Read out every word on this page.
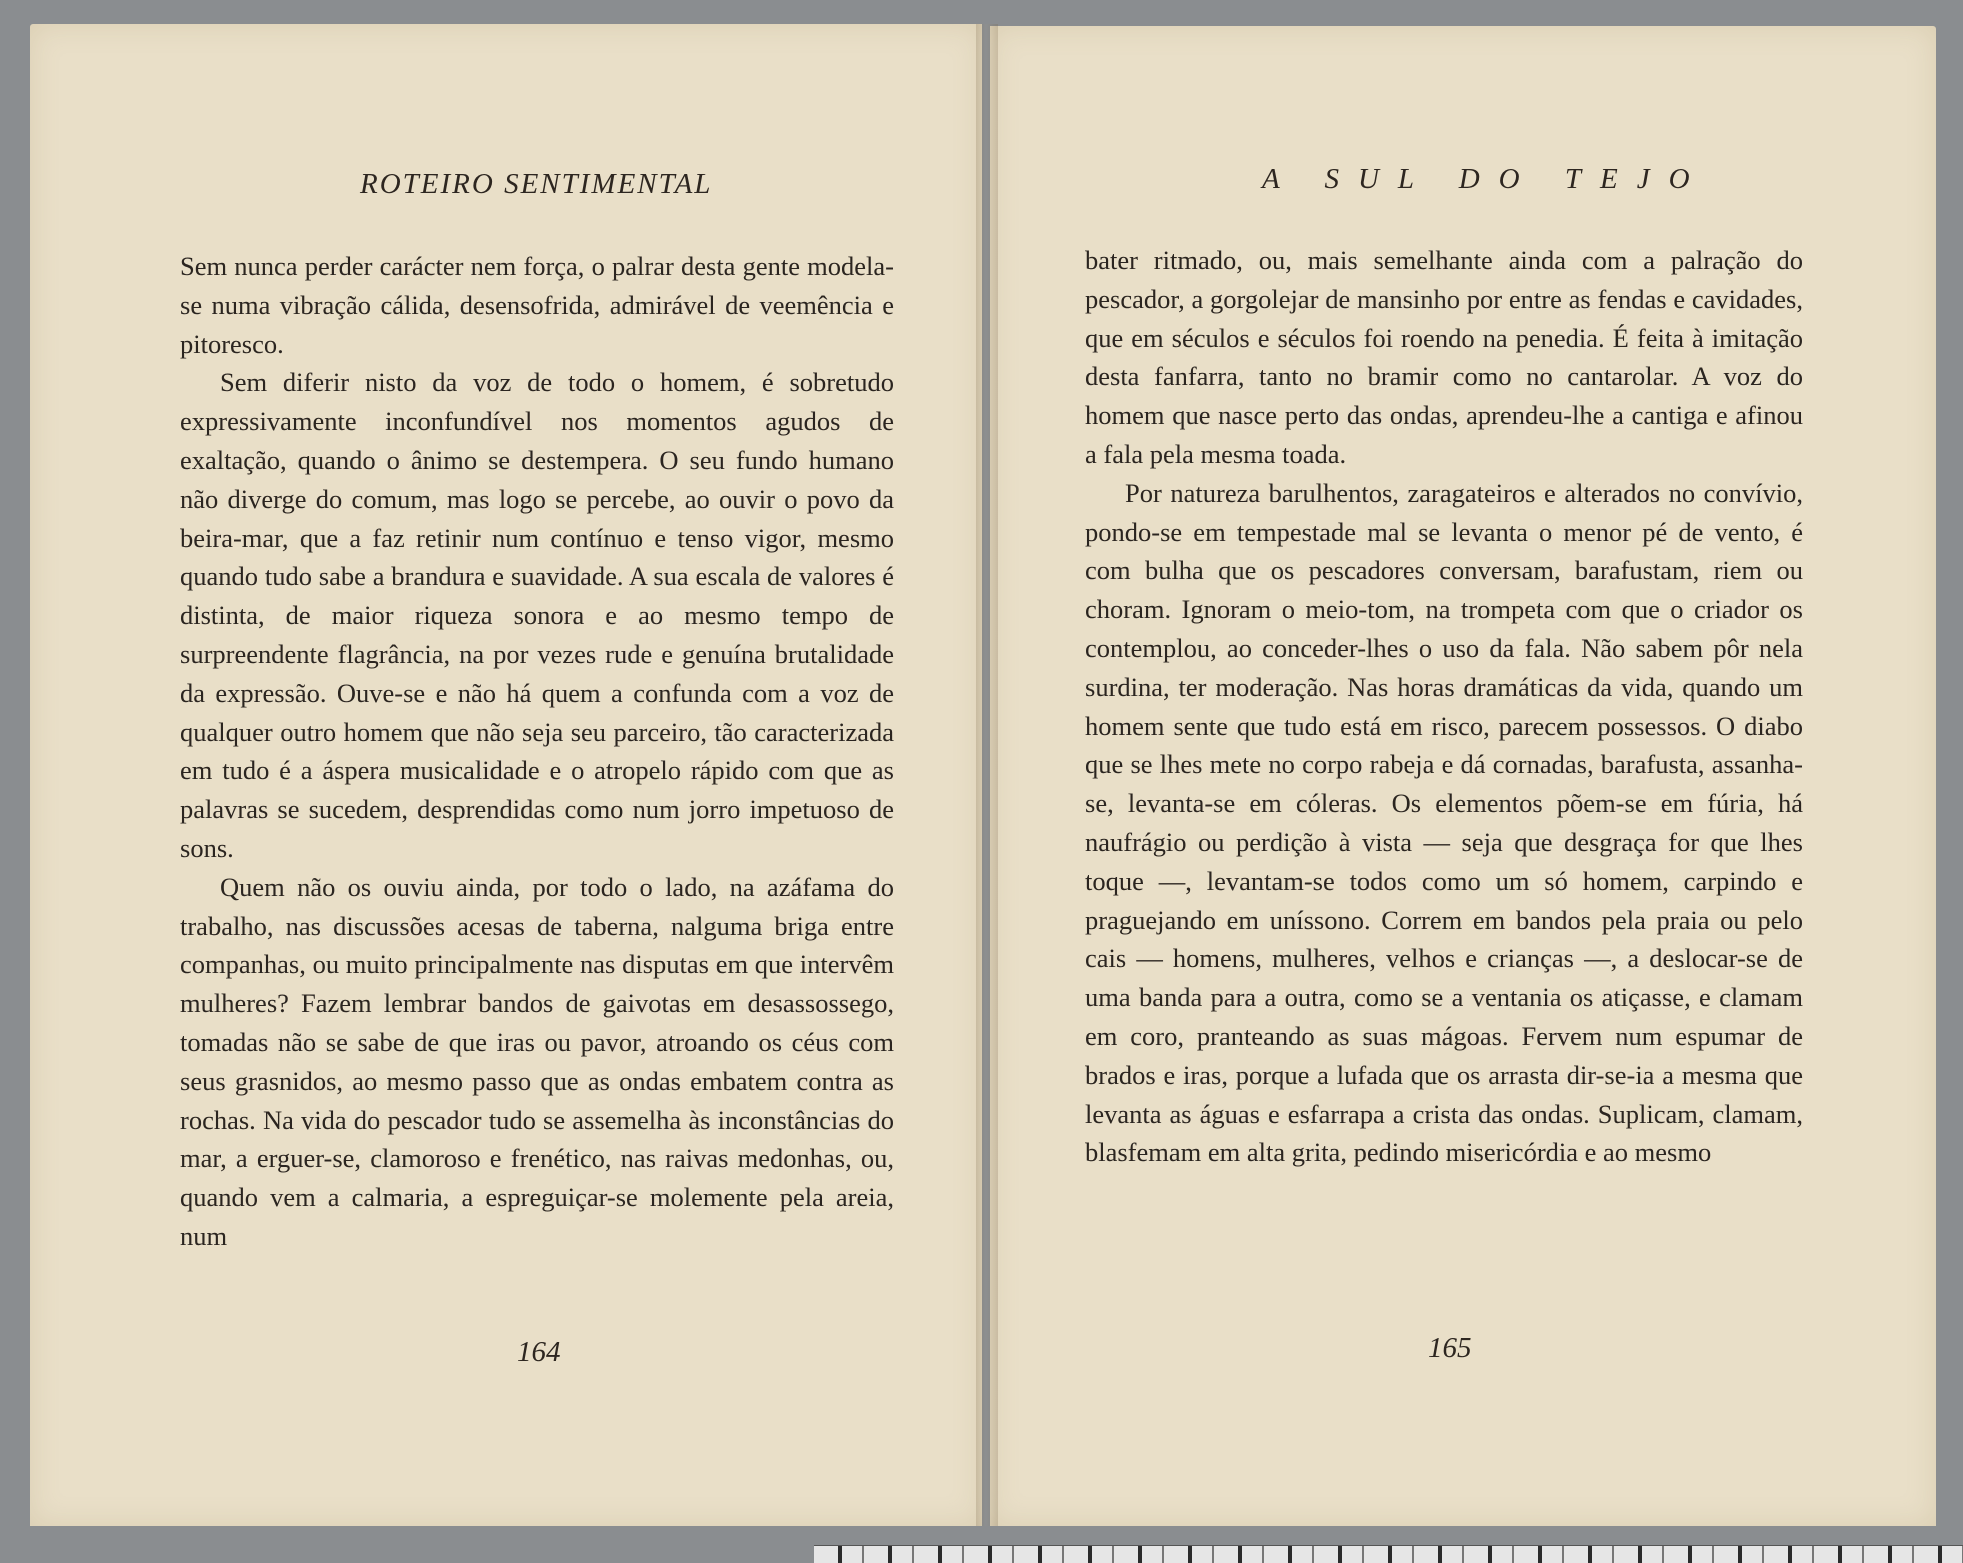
ROTEIRO SENTIMENTAL	A SUL DO TEJO

Sem nunca perder carácter nem força, o palrar desta gente modela-se numa vibração cálida, desensofrida, admirável de veemência e pitoresco.

Sem diferir nisto da voz de todo o homem, é sobretudo expressivamente inconfundível nos momentos agudos de exaltação, quando o ânimo se destempera. O seu fundo humano não diverge do comum, mas logo se percebe, ao ouvir o povo da beira-mar, que a faz retinir num contínuo e tenso vigor, mesmo quando tudo sabe a brandura e suavidade. A sua escala de valores é distinta, de maior riqueza sonora e ao mesmo tempo de surpreendente flagrância, na por vezes rude e genuína brutalidade da expressão. Ouve-se e não há quem a confunda com a voz de qualquer outro homem que não seja seu parceiro, tão caracterizada em tudo é a áspera musicalidade e o atropelo rápido com que as palavras se sucedem, desprendidas como num jorro impetuoso de sons.

Quem não os ouviu ainda, por todo o lado, na azáfama do trabalho, nas discussões acesas de taberna, nalguma briga entre companhas, ou muito principalmente nas disputas em que intervêm mulheres? Fazem lembrar bandos de gaivotas em desassossego, tomadas não se sabe de que iras ou pavor, atroando os céus com seus grasnidos, ao mesmo passo que as ondas embatem contra as rochas. Na vida do pescador tudo se assemelha às inconstâncias do mar, a erguer-se, clamoroso e frenético, nas raivas medonhas, ou, quando vem a calmaria, a espreguiçar-se molemente pela areia, num

bater ritmado, ou, mais semelhante ainda com a palração do pescador, a gorgolejar de mansinho por entre as fendas e cavidades, que em séculos e séculos foi roendo na penedia. É feita à imitação desta fanfarra, tanto no bramir como no cantarolar. A voz do homem que nasce perto das ondas, aprendeu-lhe a cantiga e afinou a fala pela mesma toada.

Por natureza barulhentos, zaragateiros e alterados no convívio, pondo-se em tempestade mal se levanta o menor pé de vento, é com bulha que os pescadores conversam, barafustam, riem ou choram. Ignoram o meio-tom, na trompeta com que o criador os contemplou, ao conceder-lhes o uso da fala. Não sabem pôr nela surdina, ter moderação. Nas horas dramáticas da vida, quando um homem sente que tudo está em risco, parecem possessos. O diabo que se lhes mete no corpo rabeja e dá cornadas, barafusta, assanha-se, levanta-se em cóleras. Os elementos põem-se em fúria, há naufrágio ou perdição à vista — seja que desgraça for que lhes toque —, levantam-se todos como um só homem, carpindo e praguejando em uníssono. Correm em bandos pela praia ou pelo cais — homens, mulheres, velhos e crianças —, a deslocar-se de uma banda para a outra, como se a ventania os atiçasse, e clamam em coro, pranteando as suas mágoas. Fervem num espumar de brados e iras, porque a lufada que os arrasta dir-se-ia a mesma que levanta as águas e esfarrapa a crista das ondas. Suplicam, clamam, blasfemam em alta grita, pedindo misericórdia e ao mesmo

164	165
